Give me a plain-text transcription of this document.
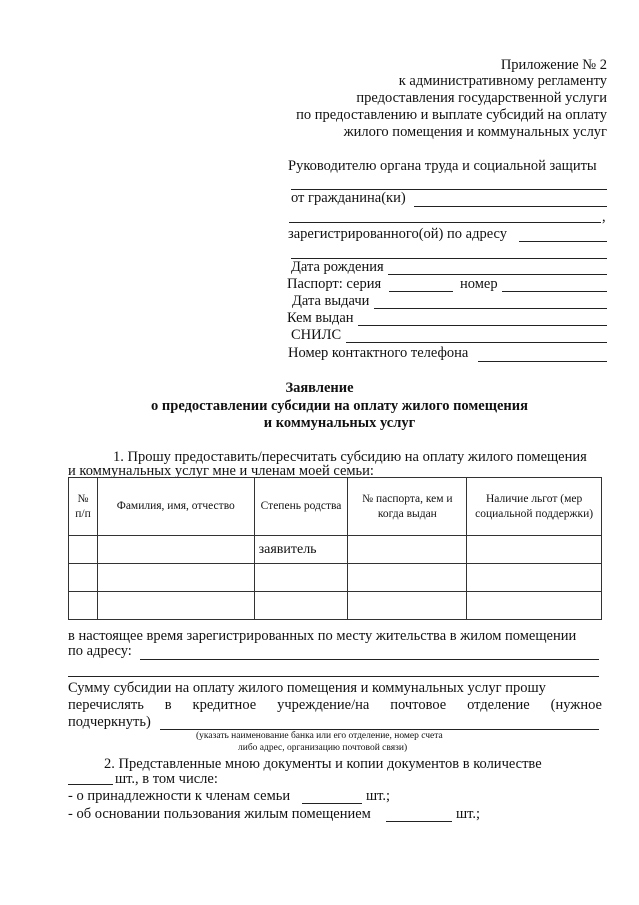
Приложение № 2
к административному регламенту
предоставления государственной услуги
по предоставлению и выплате субсидий на оплату
жилого помещения и коммунальных услуг
Руководителю органа труда и социальной защиты
от гражданина(ки)
,
зарегистрированного(ой) по адресу
Дата рождения
Паспорт: серия	номер
Дата выдачи
Кем выдан
СНИЛС
Номер контактного телефона
Заявление
о предоставлении субсидии на оплату жилого помещения
и коммунальных услуг
1. Прошу предоставить/пересчитать субсидию на оплату жилого помещения
и коммунальных услуг мне и членам моей семьи:
№ п/п	Фамилия, имя, отчество	Степень родства	№ паспорта, кем и когда выдан	Наличие льгот (мер социальной поддержки)
		заявитель		

в настоящее время зарегистрированных по месту жительства в жилом помещении
по адресу:
Сумму субсидии на оплату жилого помещения и коммунальных услуг прошу
перечислять в кредитное учреждение/на почтовое отделение (нужное
подчеркнуть)
(указать наименование банка или его отделение, номер счета
либо адрес, организацию почтовой связи)
2. Представленные мною документы и копии документов в количестве
шт., в том числе:
- о принадлежности к членам семьи	шт.;
- об основании пользования жилым помещением	шт.;
